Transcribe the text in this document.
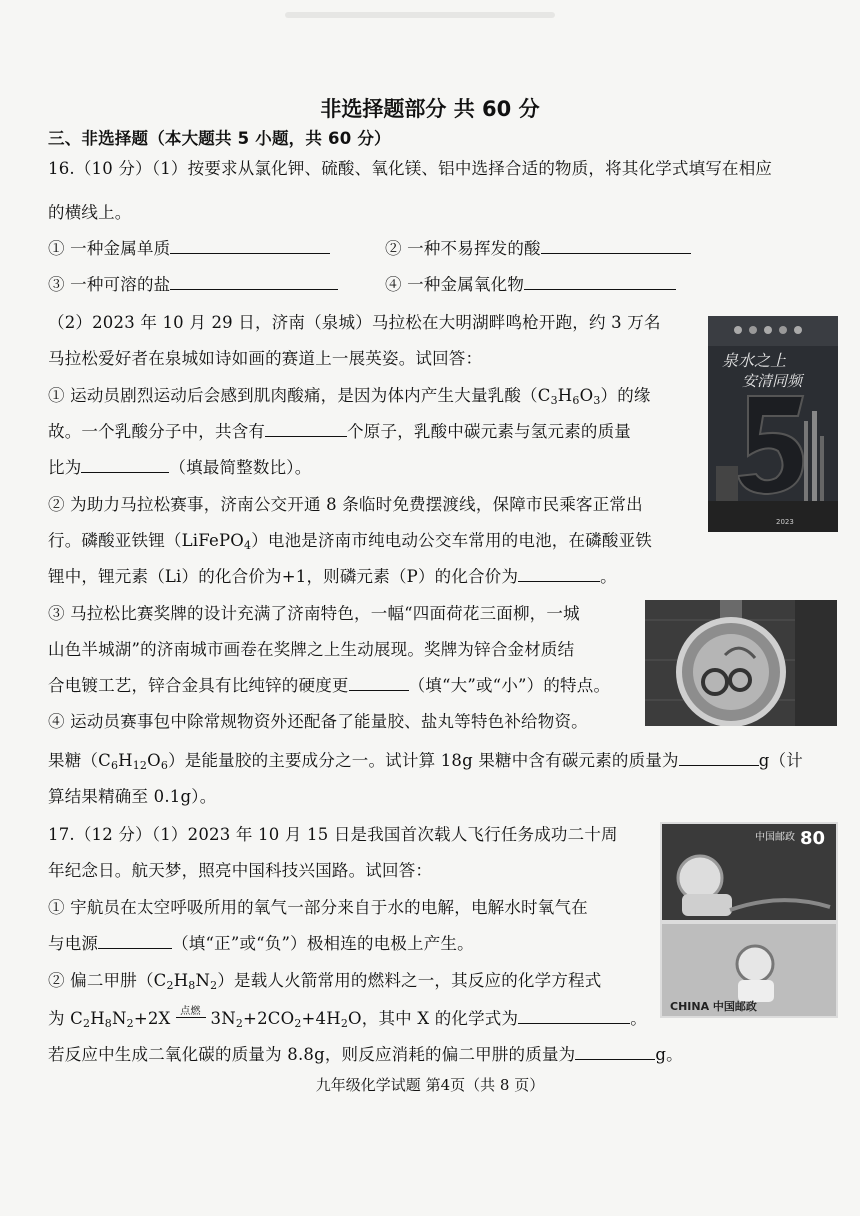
非选择题部分 共 60 分
三、非选择题（本大题共 5 小题，共 60 分）
16.（10 分）（1）按要求从氯化钾、硫酸、氧化镁、铝中选择合适的物质，将其化学式填写在相应
的横线上。
① 一种金属单质	② 一种不易挥发的酸
③ 一种可溶的盐	④ 一种金属氧化物
（2）2023 年 10 月 29 日，济南（泉城）马拉松在大明湖畔鸣枪开跑，约 3 万名
马拉松爱好者在泉城如诗如画的赛道上一展英姿。试回答：
① 运动员剧烈运动后会感到肌肉酸痛，是因为体内产生大量乳酸$(C_3H_6O_3)$的缘
故。一个乳酸分子中，共含有	个原子，乳酸中碳元素与氢元素的质量
比为	（填最简整数比）。
② 为助力马拉松赛事，济南公交开通 8 条临时免费摆渡线，保障市民乘客正常出
行。磷酸亚铁锂（LiFePO$_4$）电池是济南市纯电动公交车常用的电池，在磷酸亚铁
锂中，锂元素（Li）的化合价为+1，则磷元素（P）的化合价为	。
③ 马拉松比赛奖牌的设计充满了济南特色，一幅“四面荷花三面柳，一城
山色半城湖”的济南城市画卷在奖牌之上生动展现。奖牌为锌合金材质结
合电镀工艺，锌合金具有比纯锌的硬度更	（填“大”或“小”）的特点。
④ 运动员赛事包中除常规物资外还配备了能量胶、盐丸等特色补给物资。
果糖$(C_6H_{12}O_6)$是能量胶的主要成分之一。试计算 18g 果糖中含有碳元素的质量为	g（计
算结果精确至 0.1g）。
17.（12 分）（1）2023 年 10 月 15 日是我国首次载人飞行任务成功二十周
年纪念日。航天梦，照亮中国科技兴国路。试回答：
① 宇航员在太空呼吸所用的氧气一部分来自于水的电解，电解水时氧气在
与电源	（填“正”或“负”）极相连的电极上产生。
② 偏二甲肼$(C_2H_8N_2)$是载人火箭常用的燃料之一，其反应的化学方程式
为 $C_2H_8N_2+2X$ 点燃 $3N_2+2CO_2+4H_2O$，其中 X 的化学式为	。
若反应中生成二氧化碳的质量为 8.8g，则反应消耗的偏二甲肼的质量为	g。
九年级化学试题 第4页（共 8 页）
泉水之上
安清同频
2023
中国邮政 80
CHINA 中国邮政
